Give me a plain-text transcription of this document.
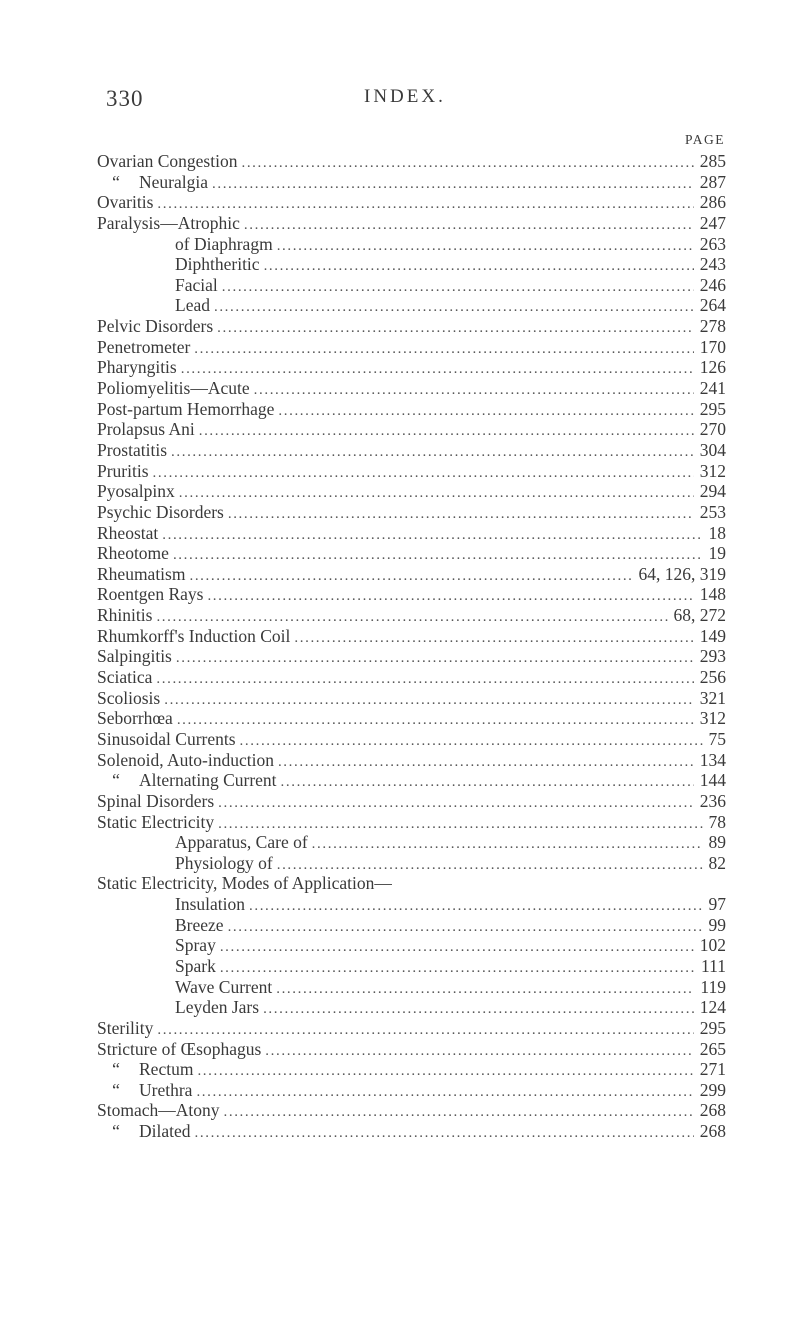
330	INDEX.
PAGE
Ovarian Congestion .....	285
“	Neuralgia .....	287
Ovaritis .....	286
Paralysis—Atrophic .....	247
of Diaphragm .....	263
Diphtheritic .....	243
Facial .....	246
Lead .....	264
Pelvic Disorders .....	278
Penetrometer .....	170
Pharyngitis .....	126
Poliomyelitis—Acute .....	241
Post-partum Hemorrhage .....	295
Prolapsus Ani .....	270
Prostatitis .....	304
Pruritis .....	312
Pyosalpinx .....	294
Psychic Disorders .....	253
Rheostat .....	18
Rheotome .....	19
Rheumatism .....	64, 126, 319
Roentgen Rays .....	148
Rhinitis .....	68, 272
Rhumkorff's Induction Coil .....	149
Salpingitis .....	293
Sciatica .....	256
Scoliosis .....	321
Seborrhœa .....	312
Sinusoidal Currents .....	75
Solenoid, Auto-induction .....	134
“	Alternating Current .....	144
Spinal Disorders .....	236
Static Electricity .....	78
Apparatus, Care of .....	89
Physiology of .....	82
Static Electricity, Modes of Application—
Insulation .....	97
Breeze .....	99
Spray .....	102
Spark .....	111
Wave Current .....	119
Leyden Jars .....	124
Sterility .....	295
Stricture of Œsophagus .....	265
“	Rectum .....	271
“	Urethra .....	299
Stomach—Atony .....	268
“	Dilated .....	268
